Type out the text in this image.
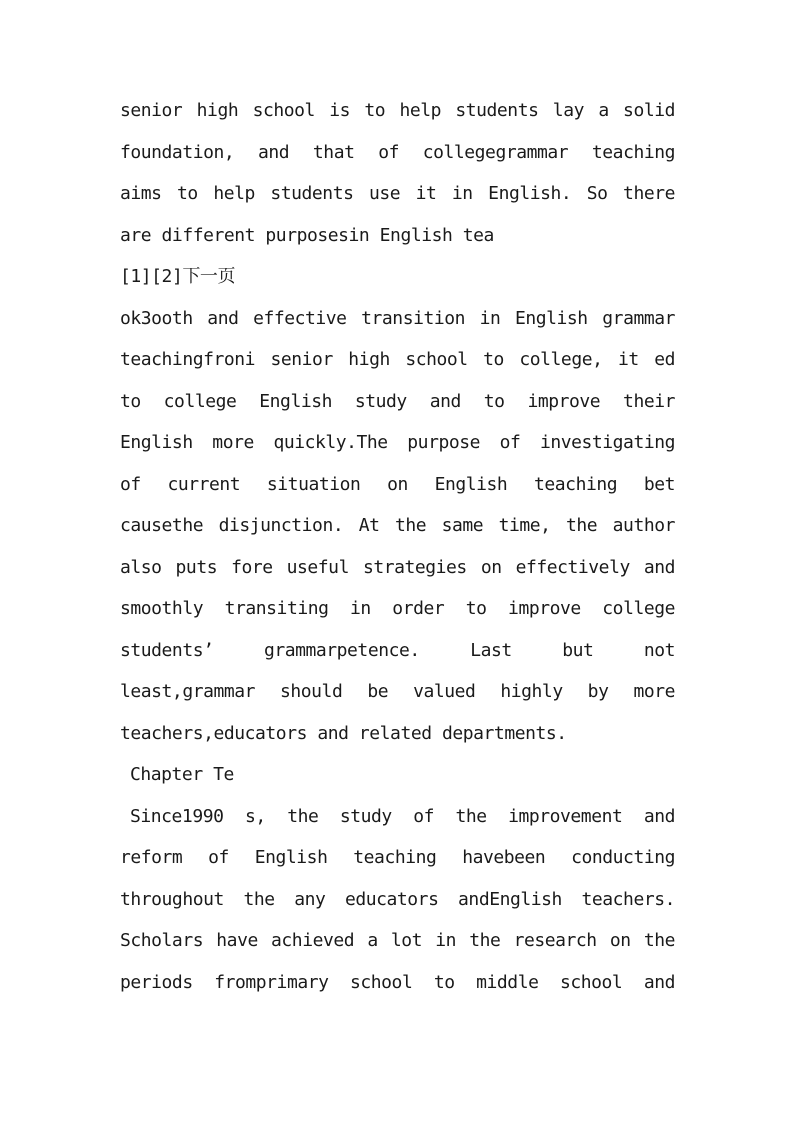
senior high school is to help students lay a solid
foundation, and that of collegegrammar teaching
aims to help students use it in English. So there
are different purposesin English tea
[1][2]下一页
ok3ooth and effective transition in English grammar
teachingfroni senior high school to college, it ed
to college English study and to improve their
English more quickly.The purpose of investigating
of current situation on English teaching bet
causethe disjunction. At the same time, the author
also puts fore useful strategies on effectively and
smoothly transiting in order to improve college
students’ grammarpetence. Last but not
least,grammar should be valued highly by more
teachers,educators and related departments.
Chapter Te
Since1990 s, the study of the improvement and
reform of English teaching havebeen conducting
throughout the any educators andEnglish teachers.
Scholars have achieved a lot in the research on the
periods fromprimary school to middle school and
